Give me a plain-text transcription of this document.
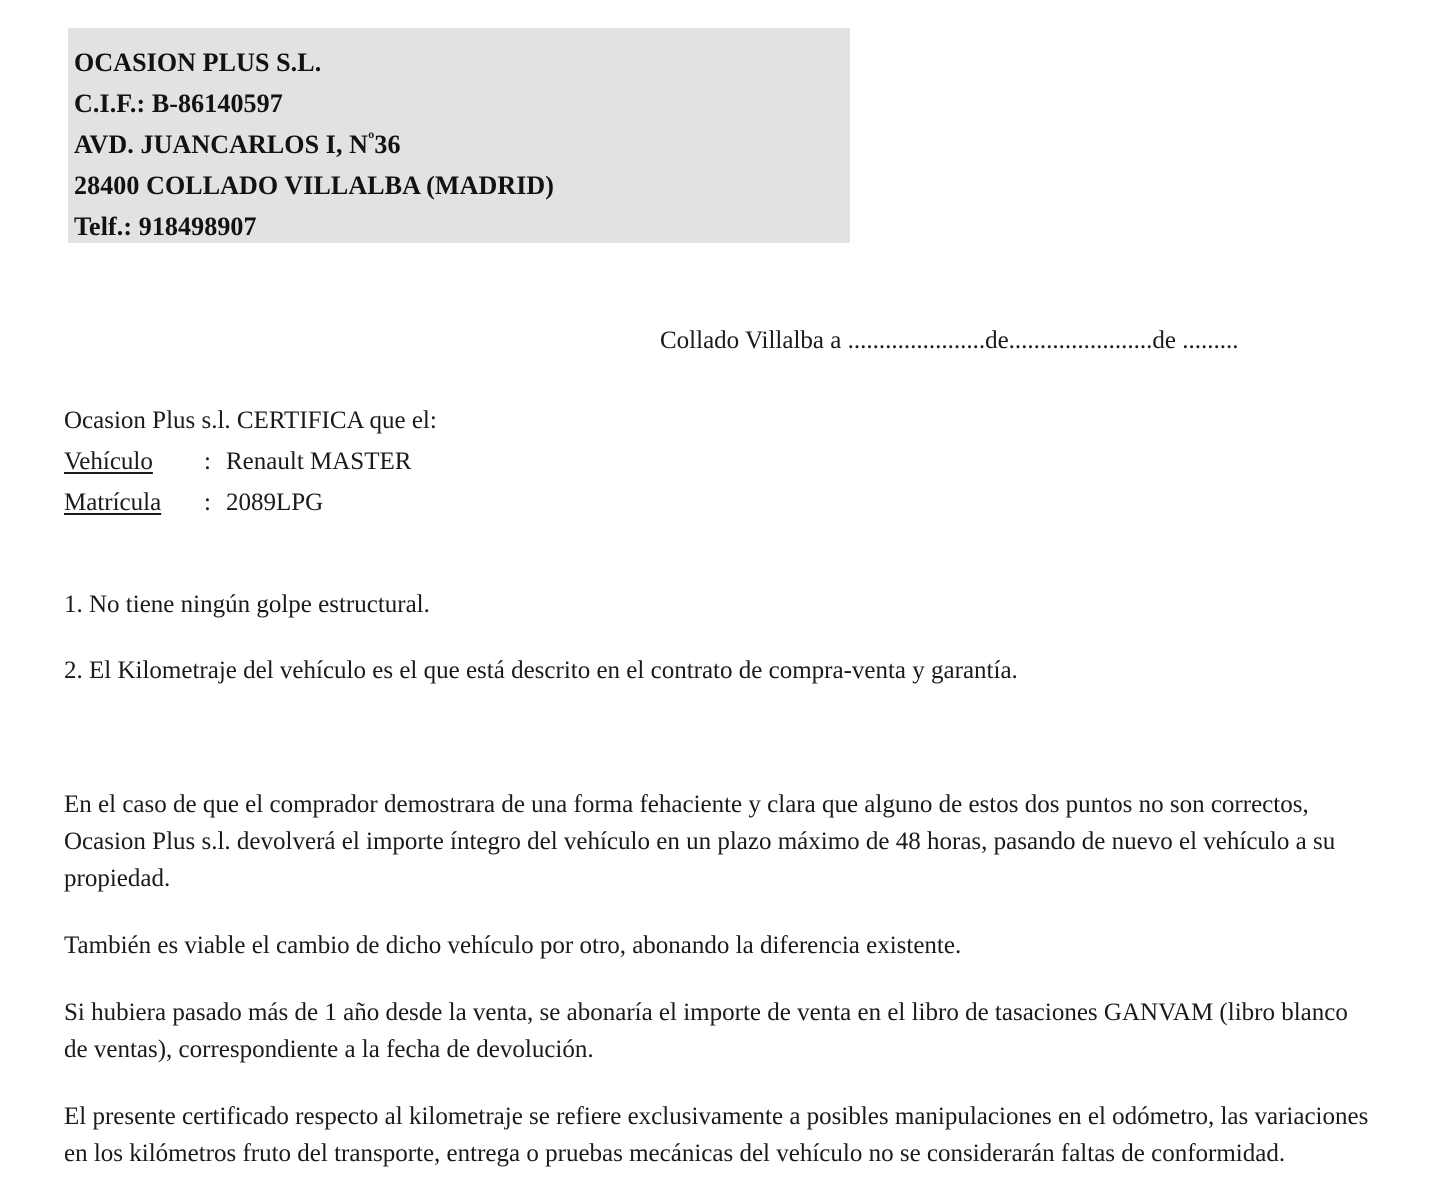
OCASION PLUS S.L.
C.I.F.: B-86140597
AVD. JUANCARLOS I, $N^º36$
28400 COLLADO VILLALBA (MADRID)
Telf.: 918498907
Collado Villalba a ......................de.......................de .........
Ocasion Plus s.l. CERTIFICA que el:
Vehículo	: Renault MASTER
Matrícula	: 2089LPG
1. No tiene ningún golpe estructural.
2. El Kilometraje del vehículo es el que está descrito en el contrato de compra-venta y garantía.

En el caso de que el comprador demostrara de una forma fehaciente y clara que alguno de estos dos puntos no son correctos, Ocasion Plus s.l. devolverá el importe íntegro del vehículo en un plazo máximo de 48 horas, pasando de nuevo el vehículo a su propiedad.

También es viable el cambio de dicho vehículo por otro, abonando la diferencia existente.

Si hubiera pasado más de 1 año desde la venta, se abonaría el importe de venta en el libro de tasaciones GANVAM (libro blanco de ventas), correspondiente a la fecha de devolución.

El presente certificado respecto al kilometraje se refiere exclusivamente a posibles manipulaciones en el odómetro, las variaciones en los kilómetros fruto del transporte, entrega o pruebas mecánicas del vehículo no se considerarán faltas de conformidad.
